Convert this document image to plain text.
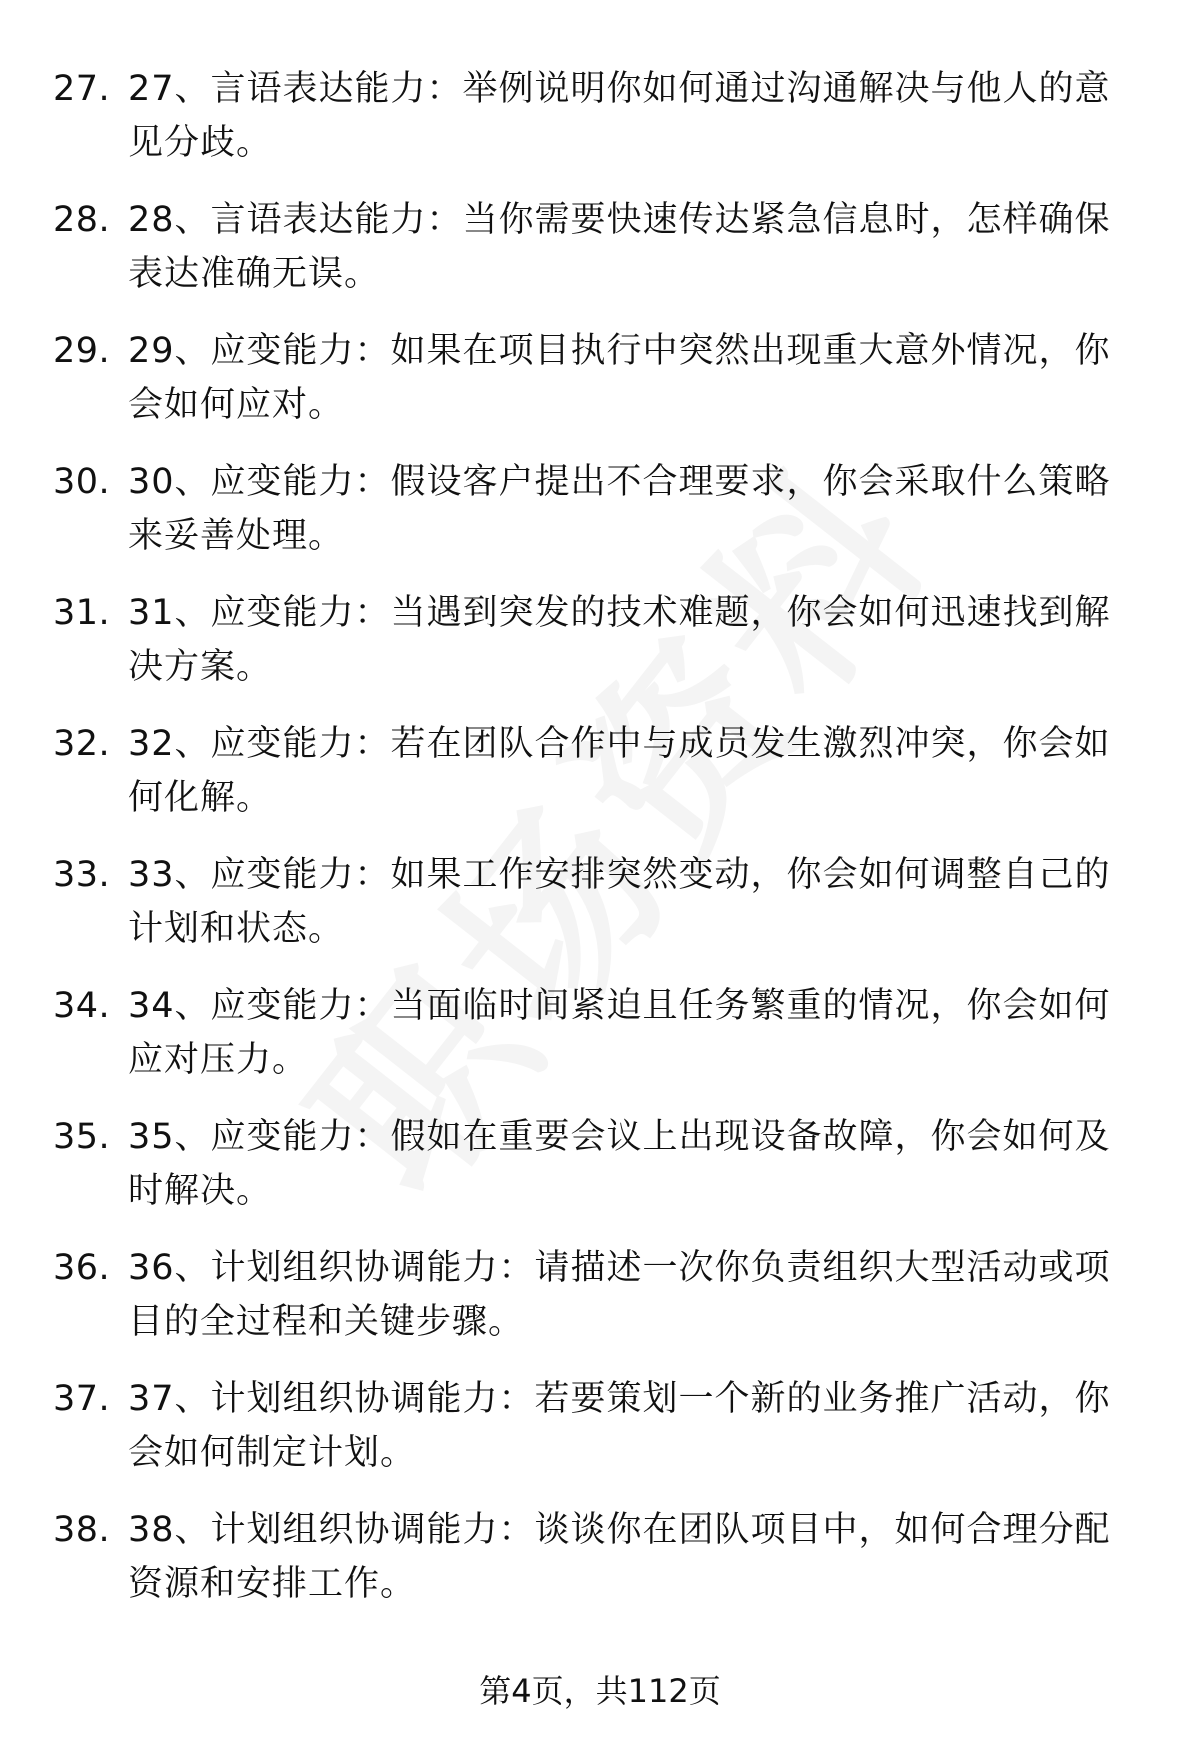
27. 27、言语表达能力：举例说明你如何通过沟通解决与他人的意见分歧。
28. 28、言语表达能力：当你需要快速传达紧急信息时，怎样确保表达准确无误。
29. 29、应变能力：如果在项目执行中突然出现重大意外情况，你会如何应对。
30. 30、应变能力：假设客户提出不合理要求，你会采取什么策略来妥善处理。
31. 31、应变能力：当遇到突发的技术难题，你会如何迅速找到解决方案。
32. 32、应变能力：若在团队合作中与成员发生激烈冲突，你会如何化解。
33. 33、应变能力：如果工作安排突然变动，你会如何调整自己的计划和状态。
34. 34、应变能力：当面临时间紧迫且任务繁重的情况，你会如何应对压力。
35. 35、应变能力：假如在重要会议上出现设备故障，你会如何及时解决。
36. 36、计划组织协调能力：请描述一次你负责组织大型活动或项目的全过程和关键步骤。
37. 37、计划组织协调能力：若要策划一个新的业务推广活动，你会如何制定计划。
38. 38、计划组织协调能力：谈谈你在团队项目中，如何合理分配资源和安排工作。
第4页，共112页
